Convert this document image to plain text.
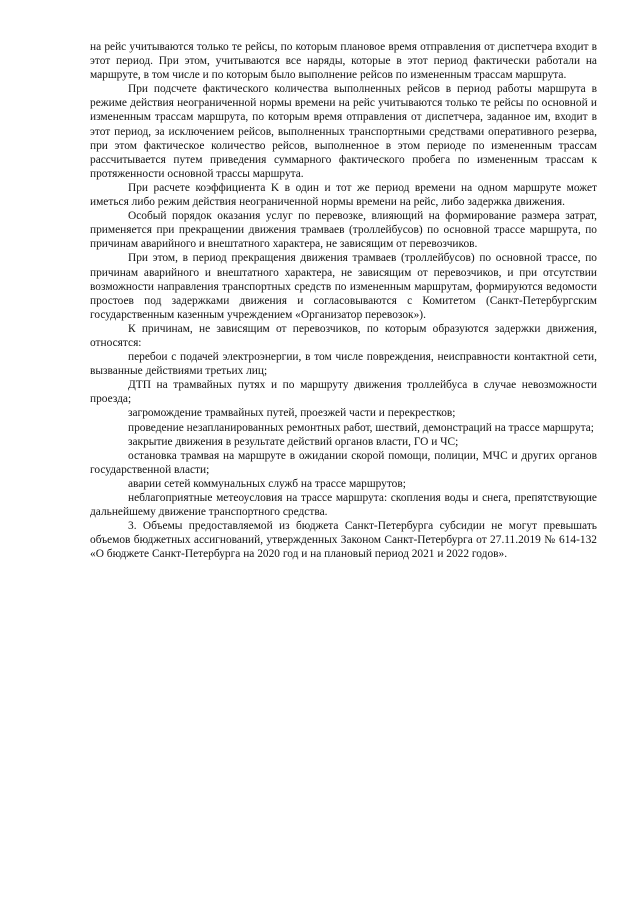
на рейс учитываются только те рейсы, по которым плановое время отправления от диспетчера входит в этот период. При этом, учитываются все наряды, которые в этот период фактически работали на маршруте, в том числе и по которым было выполнение рейсов по измененным трассам маршрута.

При подсчете фактического количества выполненных рейсов в период работы маршрута в режиме действия неограниченной нормы времени на рейс учитываются только те рейсы по основной и измененным трассам маршрута, по которым время отправления от диспетчера, заданное им, входит в этот период, за исключением рейсов, выполненных транспортными средствами оперативного резерва, при этом фактическое количество рейсов, выполненное в этом периоде по измененным трассам рассчитывается путем приведения суммарного фактического пробега по измененным трассам к протяженности основной трассы маршрута.

При расчете коэффициента K в один и тот же период времени на одном маршруте может иметься либо режим действия неограниченной нормы времени на рейс, либо задержка движения.

Особый порядок оказания услуг по перевозке, влияющий на формирование размера затрат, применяется при прекращении движения трамваев (троллейбусов) по основной трассе маршрута, по причинам аварийного и внештатного характера, не зависящим от перевозчиков.

При этом, в период прекращения движения трамваев (троллейбусов) по основной трассе, по причинам аварийного и внештатного характера, не зависящим от перевозчиков, и при отсутствии возможности направления транспортных средств по измененным маршрутам, формируются ведомости простоев под задержками движения и согласовываются с Комитетом (Санкт-Петербургским государственным казенным учреждением «Организатор перевозок»).

К причинам, не зависящим от перевозчиков, по которым образуются задержки движения, относятся:

перебои с подачей электроэнергии, в том числе повреждения, неисправности контактной сети, вызванные действиями третьих лиц;

ДТП на трамвайных путях и по маршруту движения троллейбуса в случае невозможности проезда;

загромождение трамвайных путей, проезжей части и перекрестков;

проведение незапланированных ремонтных работ, шествий, демонстраций на трассе маршрута;

закрытие движения в результате действий органов власти, ГО и ЧС;

остановка трамвая на маршруте в ожидании скорой помощи, полиции, МЧС и других органов государственной власти;

аварии сетей коммунальных служб на трассе маршрутов;

неблагоприятные метеоусловия на трассе маршрута: скопления воды и снега, препятствующие дальнейшему движение транспортного средства.

3. Объемы предоставляемой из бюджета Санкт-Петербурга субсидии не могут превышать объемов бюджетных ассигнований, утвержденных Законом Санкт-Петербурга от 27.11.2019 № 614-132 «О бюджете Санкт-Петербурга на 2020 год и на плановый период 2021 и 2022 годов».
